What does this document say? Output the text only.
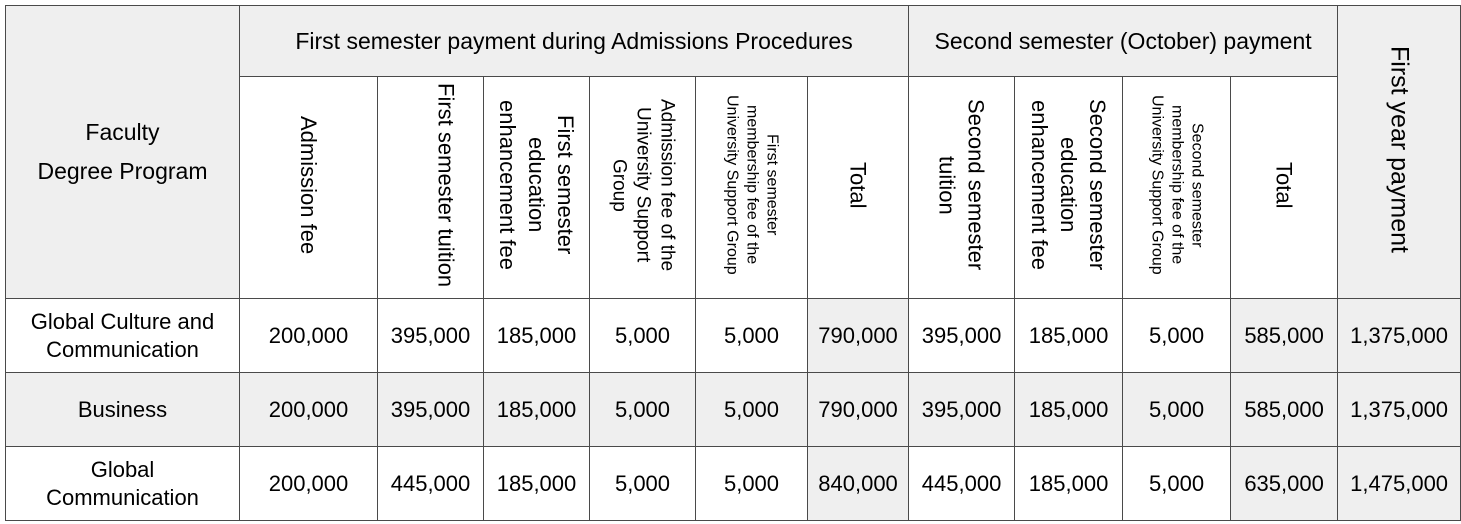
Faculty
Degree Program	First semester payment during Admissions Procedures						Second semester (October) payment				First year payment
	Admission fee	First semester tuition	First semester education enhancement fee	Admission fee of the University Support Group	First semester membership fee of the University Support Group	Total	Second semester tuition	Second semester education enhancement fee	Second semester membership fee of the University Support Group	Total	
Global Culture and Communication	200,000	395,000	185,000	5,000	5,000	790,000	395,000	185,000	5,000	585,000	1,375,000
Business	200,000	395,000	185,000	5,000	5,000	790,000	395,000	185,000	5,000	585,000	1,375,000
Global Communication	200,000	445,000	185,000	5,000	5,000	840,000	445,000	185,000	5,000	635,000	1,475,000
